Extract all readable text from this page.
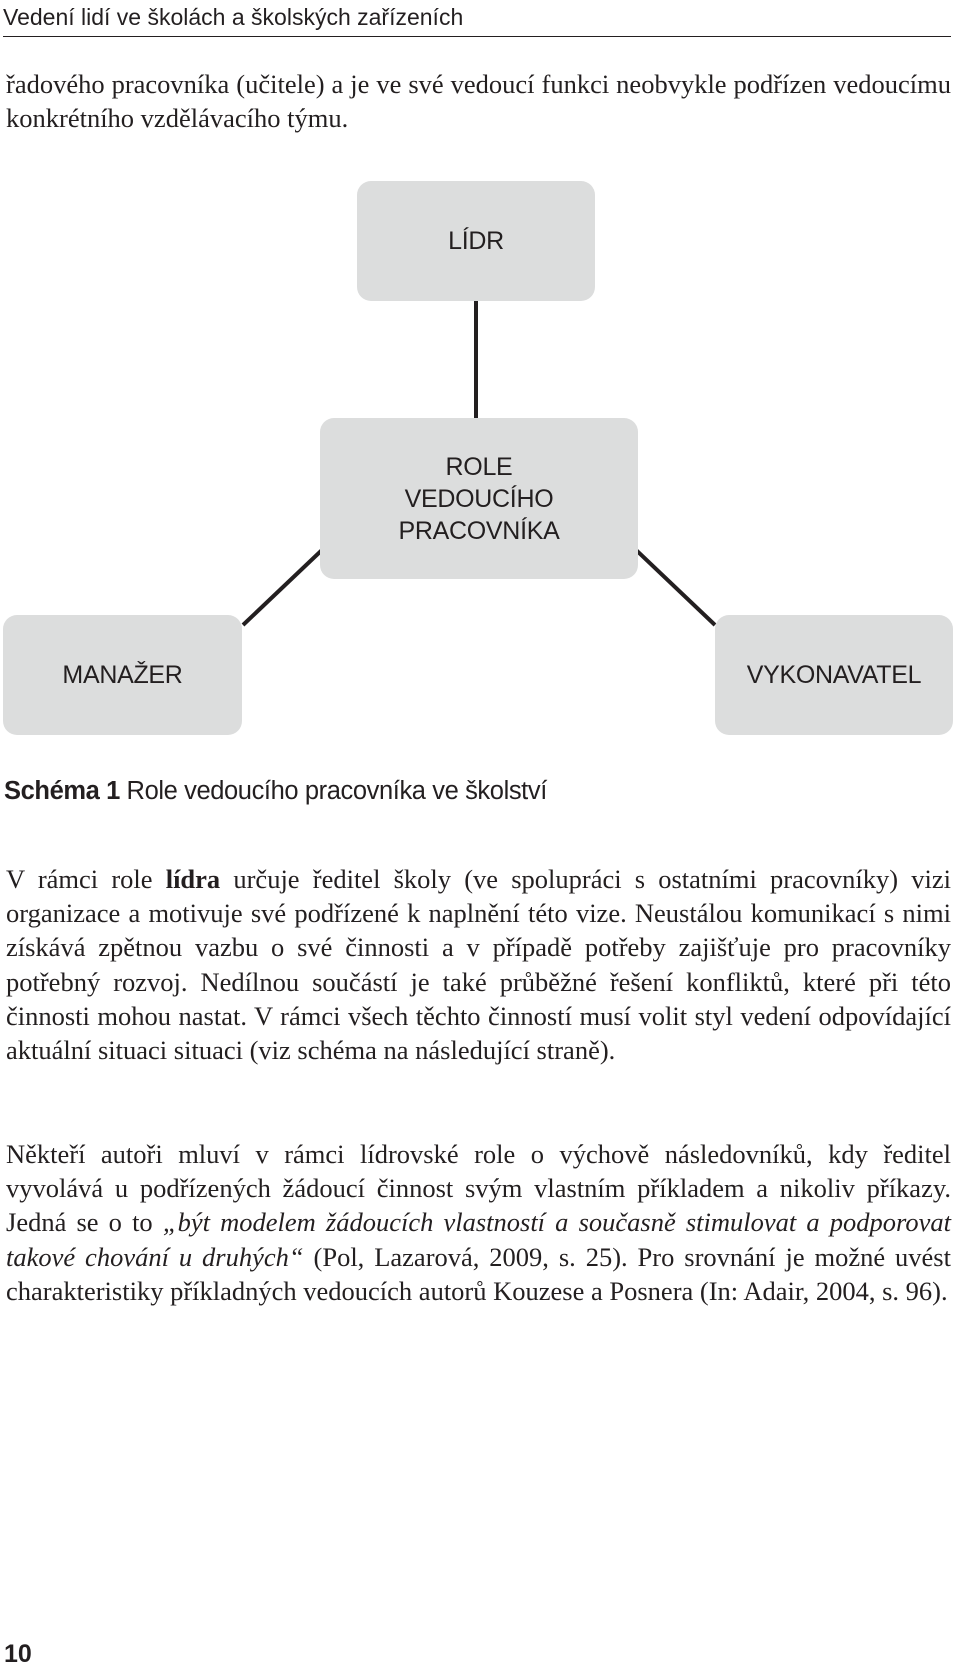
Vedení lidí ve školách a školských zařízeních

řadového pracovníka (učitele) a je ve své vedoucí funkci neobvykle podřízen vedoucímu konkrétního vzdělávacího týmu.

LÍDR
ROLE
VEDOUCÍHO
PRACOVNÍKA
MANAŽER	VYKONAVATEL
Schéma 1 Role vedoucího pracovníka ve školství

V rámci role lídra určuje ředitel školy (ve spolupráci s ostatními pracovníky) vizi organizace a motivuje své podřízené k naplnění této vize. Neustálou komunikací s nimi získává zpětnou vazbu o své činnosti a v případě potřeby zajišťuje pro pracovníky potřebný rozvoj. Nedílnou součástí je také průběžné řešení konfliktů, které při této činnosti mohou nastat. V rámci všech těchto činností musí volit styl vedení odpovídající aktuální situaci situaci (viz schéma na následující straně).

Někteří autoři mluví v rámci lídrovské role o výchově následovníků, kdy ředitel vyvolává u podřízených žádoucí činnost svým vlastním příkladem a nikoliv příkazy. Jedná se o to „být modelem žádoucích vlastností a současně stimulovat a podporovat takové chování u druhých“ (Pol, Lazarová, 2009, s. 25). Pro srovnání je možné uvést charakteristiky příkladných vedoucích autorů Kouzese a Posnera (In: Adair, 2004, s. 96).

10
